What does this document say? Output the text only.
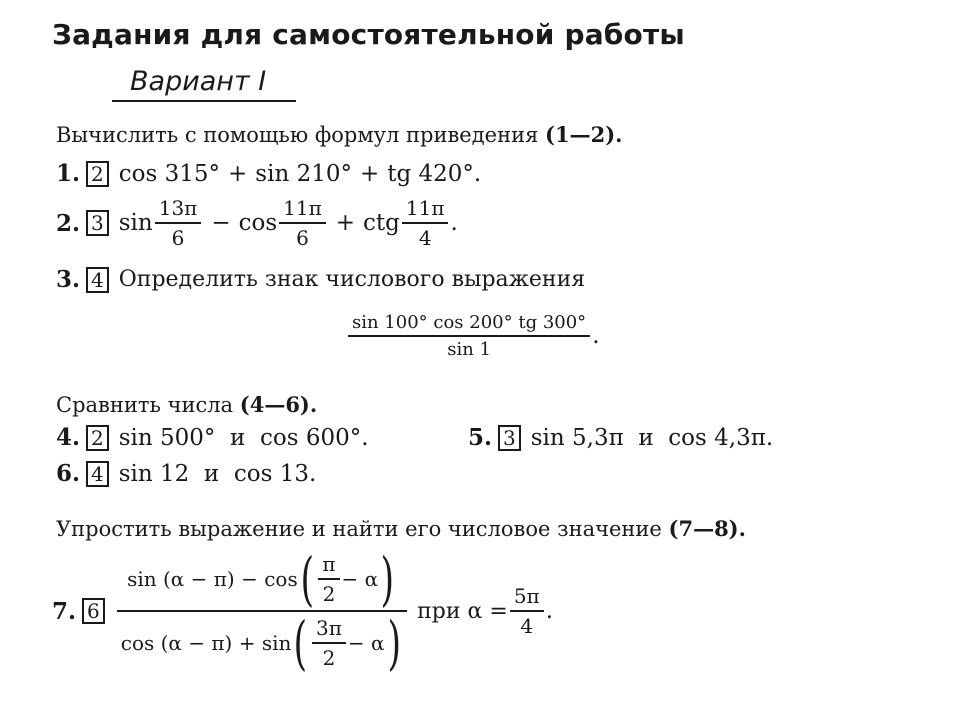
Задания для самостоятельной работы
Вариант I
Вычислить с помощью формул приведения (1—2).
1. 2 cos 315° + sin 210° + tg 420°.
2. 3 $\sin \frac{13\pi}{6} - \cos \frac{11\pi}{6}$ + ctg $\frac{11\pi}{4}$ .
3. 4 Определить знак числового выражения
$\frac{\sin 100^\circ \cos 200^\circ tg 300^\circ}{\sin 1}$ .
Сравнить числа (4—6).
4. 2 sin 500°  и  cos 600°.	5. 3 sin 5,3π  и  cos 4,3π.
6. 4 sin 12  и  cos 13.
Упростить выражение и найти его числовое значение (7—8).
7. 6
sin (α − π) − cos ( $\frac{\pi}{2} - \alpha$ )
cos (α − π) + sin ( $\frac{3\pi}{2} - \alpha$ ) при $\alpha = \frac{5\pi}{4}$ .
